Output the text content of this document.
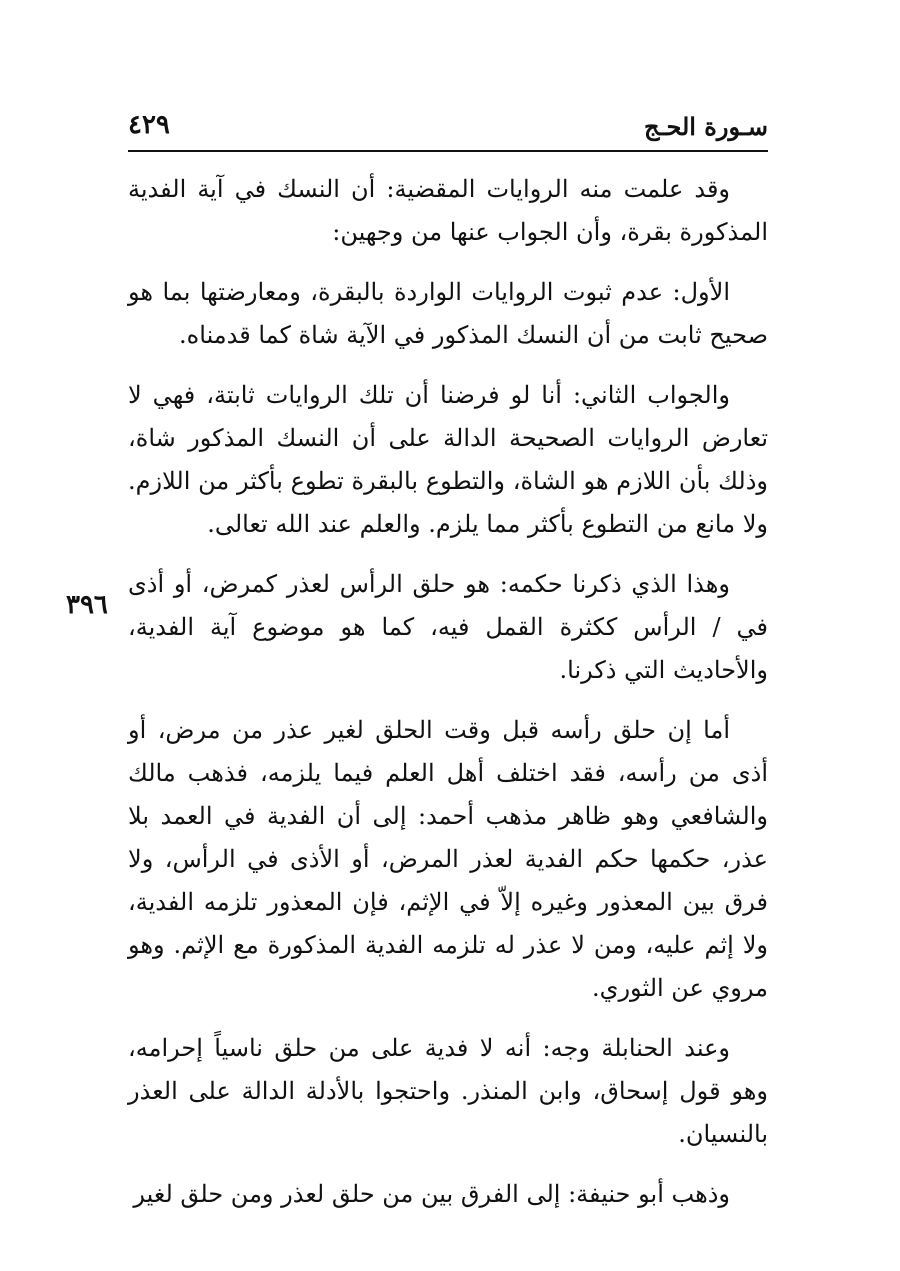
سـورة الحـج
٤٢٩
٣٩٦

وقد علمت منه الروايات المقضية: أن النسك في آية الفدية المذكورة بقرة، وأن الجواب عنها من وجهين:

الأول: عدم ثبوت الروايات الواردة بالبقرة، ومعارضتها بما هو صحيح ثابت من أن النسك المذكور في الآية شاة كما قدمناه.

والجواب الثاني: أنا لو فرضنا أن تلك الروايات ثابتة، فهي لا تعارض الروايات الصحيحة الدالة على أن النسك المذكور شاة، وذلك بأن اللازم هو الشاة، والتطوع بالبقرة تطوع بأكثر من اللازم. ولا مانع من التطوع بأكثر مما يلزم. والعلم عند الله تعالى.

وهذا الذي ذكرنا حكمه: هو حلق الرأس لعذر كمرض، أو أذى في / الرأس ككثرة القمل فيه، كما هو موضوع آية الفدية، والأحاديث التي ذكرنا.

أما إن حلق رأسه قبل وقت الحلق لغير عذر من مرض، أو أذى من رأسه، فقد اختلف أهل العلم فيما يلزمه، فذهب مالك والشافعي وهو ظاهر مذهب أحمد: إلى أن الفدية في العمد بلا عذر، حكمها حكم الفدية لعذر المرض، أو الأذى في الرأس، ولا فرق بين المعذور وغيره إلاّ في الإثم، فإن المعذور تلزمه الفدية، ولا إثم عليه، ومن لا عذر له تلزمه الفدية المذكورة مع الإثم. وهو مروي عن الثوري.

وعند الحنابلة وجه: أنه لا فدية على من حلق ناسياً إحرامه، وهو قول إسحاق، وابن المنذر. واحتجوا بالأدلة الدالة على العذر بالنسيان.

وذهب أبو حنيفة: إلى الفرق بين من حلق لعذر ومن حلق لغير
